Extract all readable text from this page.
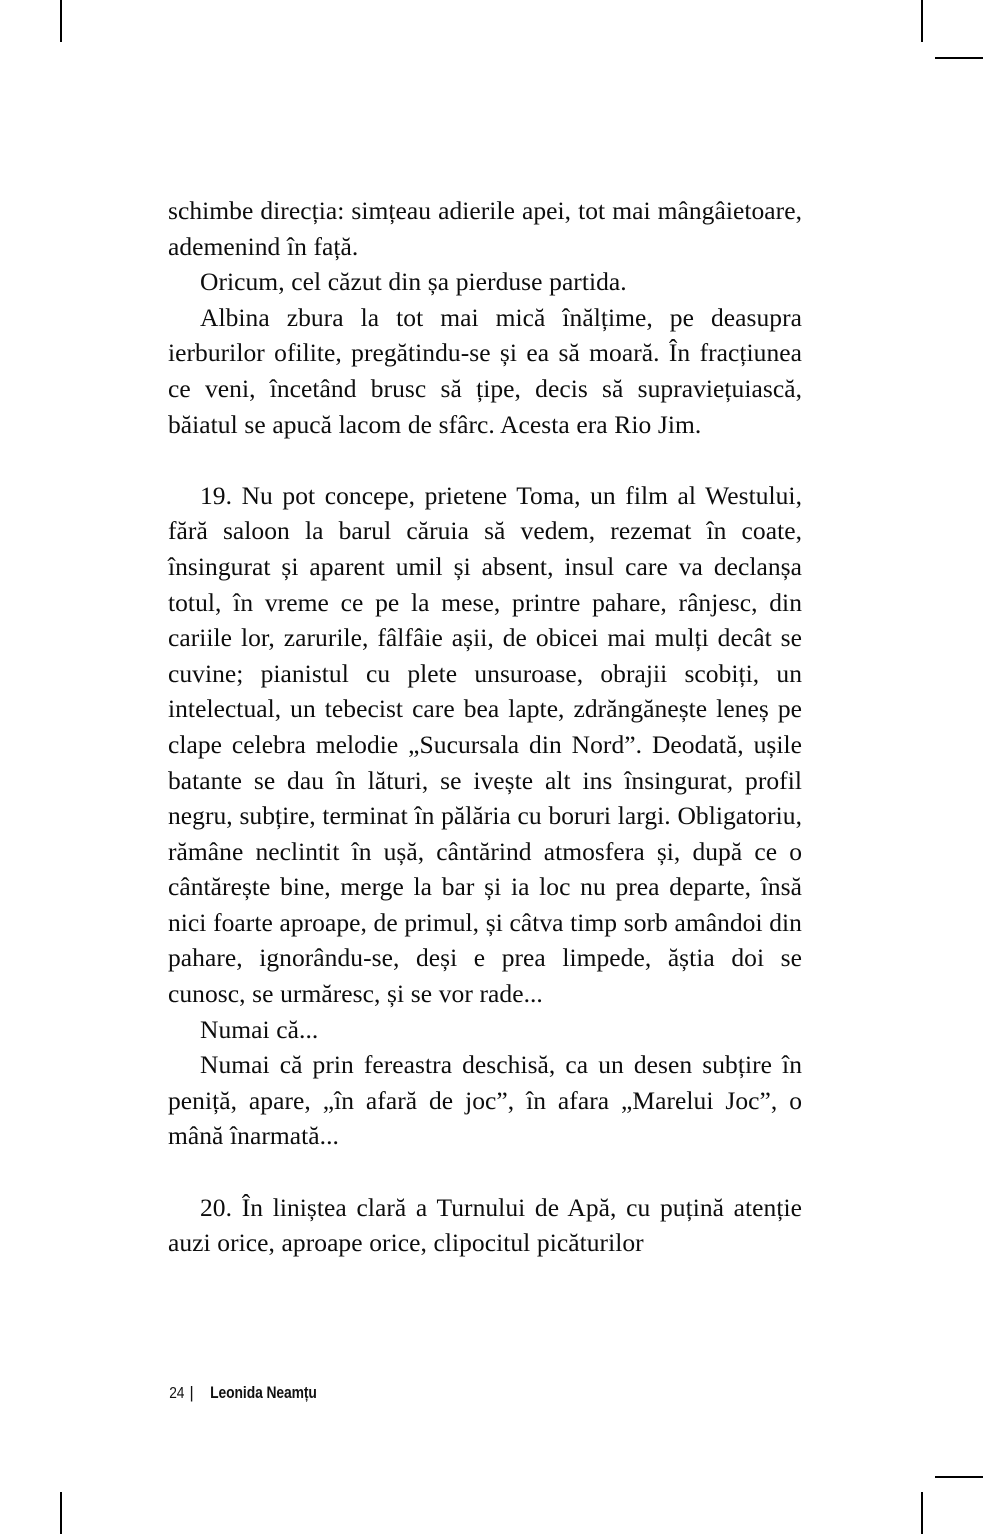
schimbe direcția: simțeau adierile apei, tot mai mângâietoare, ademenind în față.

Oricum, cel căzut din șa pierduse partida.

Albina zbura la tot mai mică înălțime, pe deasupra ierburilor ofilite, pregătindu-se și ea să moară. În fracțiunea ce veni, încetând brusc să țipe, decis să supraviețuiască, băiatul se apucă lacom de sfârc. Acesta era Rio Jim.

19. Nu pot concepe, prietene Toma, un film al Westului, fără saloon la barul căruia să vedem, rezemat în coate, însingurat și aparent umil și absent, insul care va declanșa totul, în vreme ce pe la mese, printre pahare, rânjesc, din cariile lor, zarurile, fâlfâie așii, de obicei mai mulți decât se cuvine; pianistul cu plete unsuroase, obrajii scobiți, un intelectual, un tebecist care bea lapte, zdrăngănește leneș pe clape celebra melodie „Sucursala din Nord”. Deodată, ușile batante se dau în lături, se ivește alt ins însingurat, profil negru, subțire, terminat în pălăria cu boruri largi. Obligatoriu, rămâne neclintit în ușă, cântărind atmosfera și, după ce o cântărește bine, merge la bar și ia loc nu prea departe, însă nici foarte aproape, de primul, și câtva timp sorb amândoi din pahare, ignorându-se, deși e prea limpede, ăștia doi se cunosc, se urmăresc, și se vor rade...

Numai că...

Numai că prin fereastra deschisă, ca un desen subțire în peniță, apare, „în afară de joc”, în afara „Marelui Joc”, o mână înarmată...

20. În liniștea clară a Turnului de Apă, cu puțină atenție auzi orice, aproape orice, clipocitul picăturilor

24 | Leonida Neamțu
